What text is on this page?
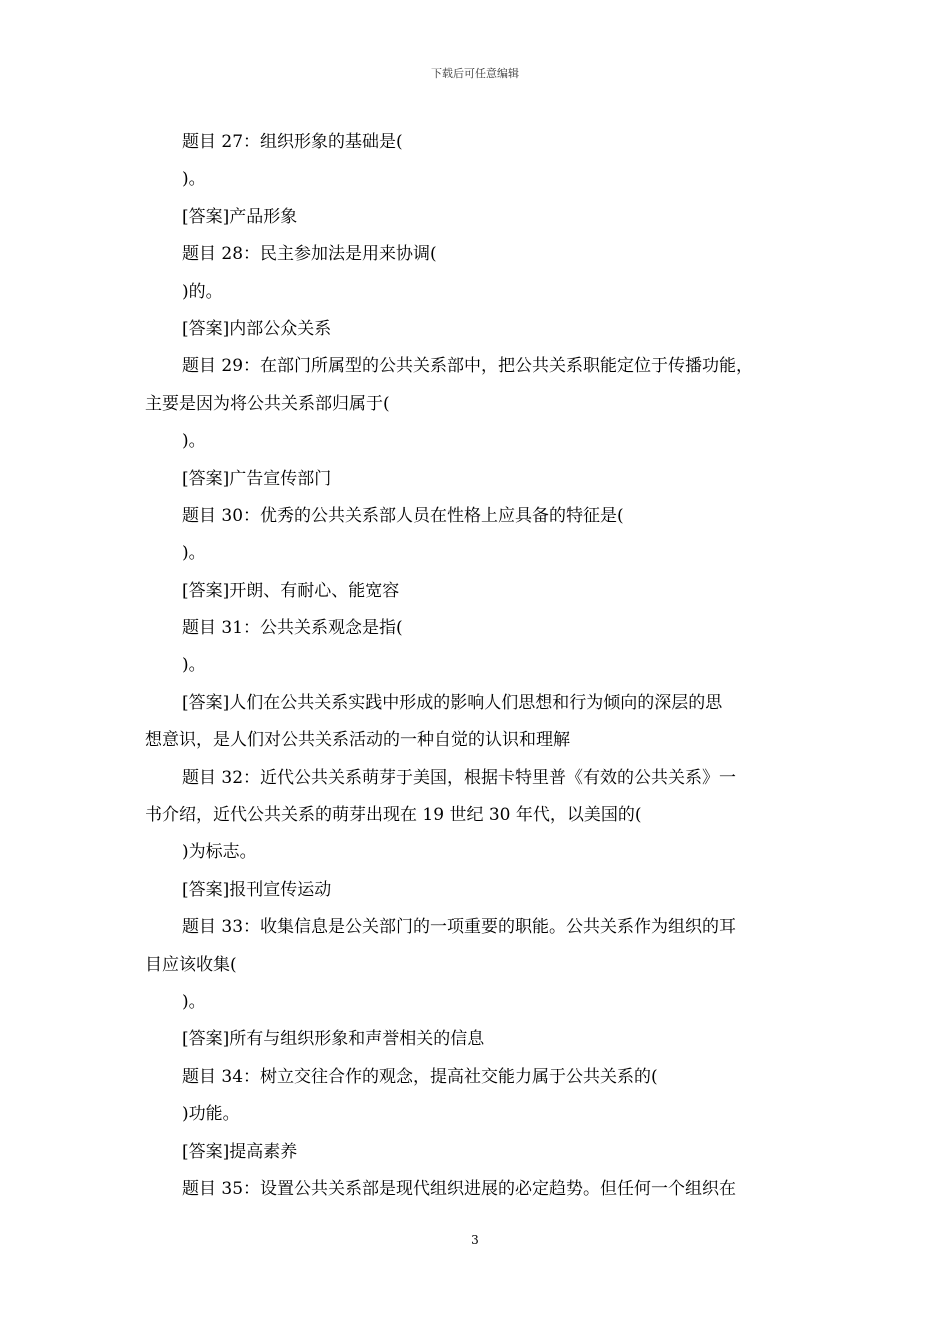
下载后可任意编辑
题目 27：组织形象的基础是(
)。
[答案]产品形象
题目 28：民主参加法是用来协调(
)的。
[答案]内部公众关系
题目 29：在部门所属型的公共关系部中，把公共关系职能定位于传播功能，
主要是因为将公共关系部归属于(
)。
[答案]广告宣传部门
题目 30：优秀的公共关系部人员在性格上应具备的特征是(
)。
[答案]开朗、有耐心、能宽容
题目 31：公共关系观念是指(
)。
[答案]人们在公共关系实践中形成的影响人们思想和行为倾向的深层的思
想意识，是人们对公共关系活动的一种自觉的认识和理解
题目 32：近代公共关系萌芽于美国，根据卡特里普《有效的公共关系》一
书介绍，近代公共关系的萌芽出现在 19 世纪 30 年代，以美国的(
)为标志。
[答案]报刊宣传运动
题目 33：收集信息是公关部门的一项重要的职能。公共关系作为组织的耳
目应该收集(
)。
[答案]所有与组织形象和声誉相关的信息
题目 34：树立交往合作的观念，提高社交能力属于公共关系的(
)功能。
[答案]提高素养
题目 35：设置公共关系部是现代组织进展的必定趋势。但任何一个组织在
3
